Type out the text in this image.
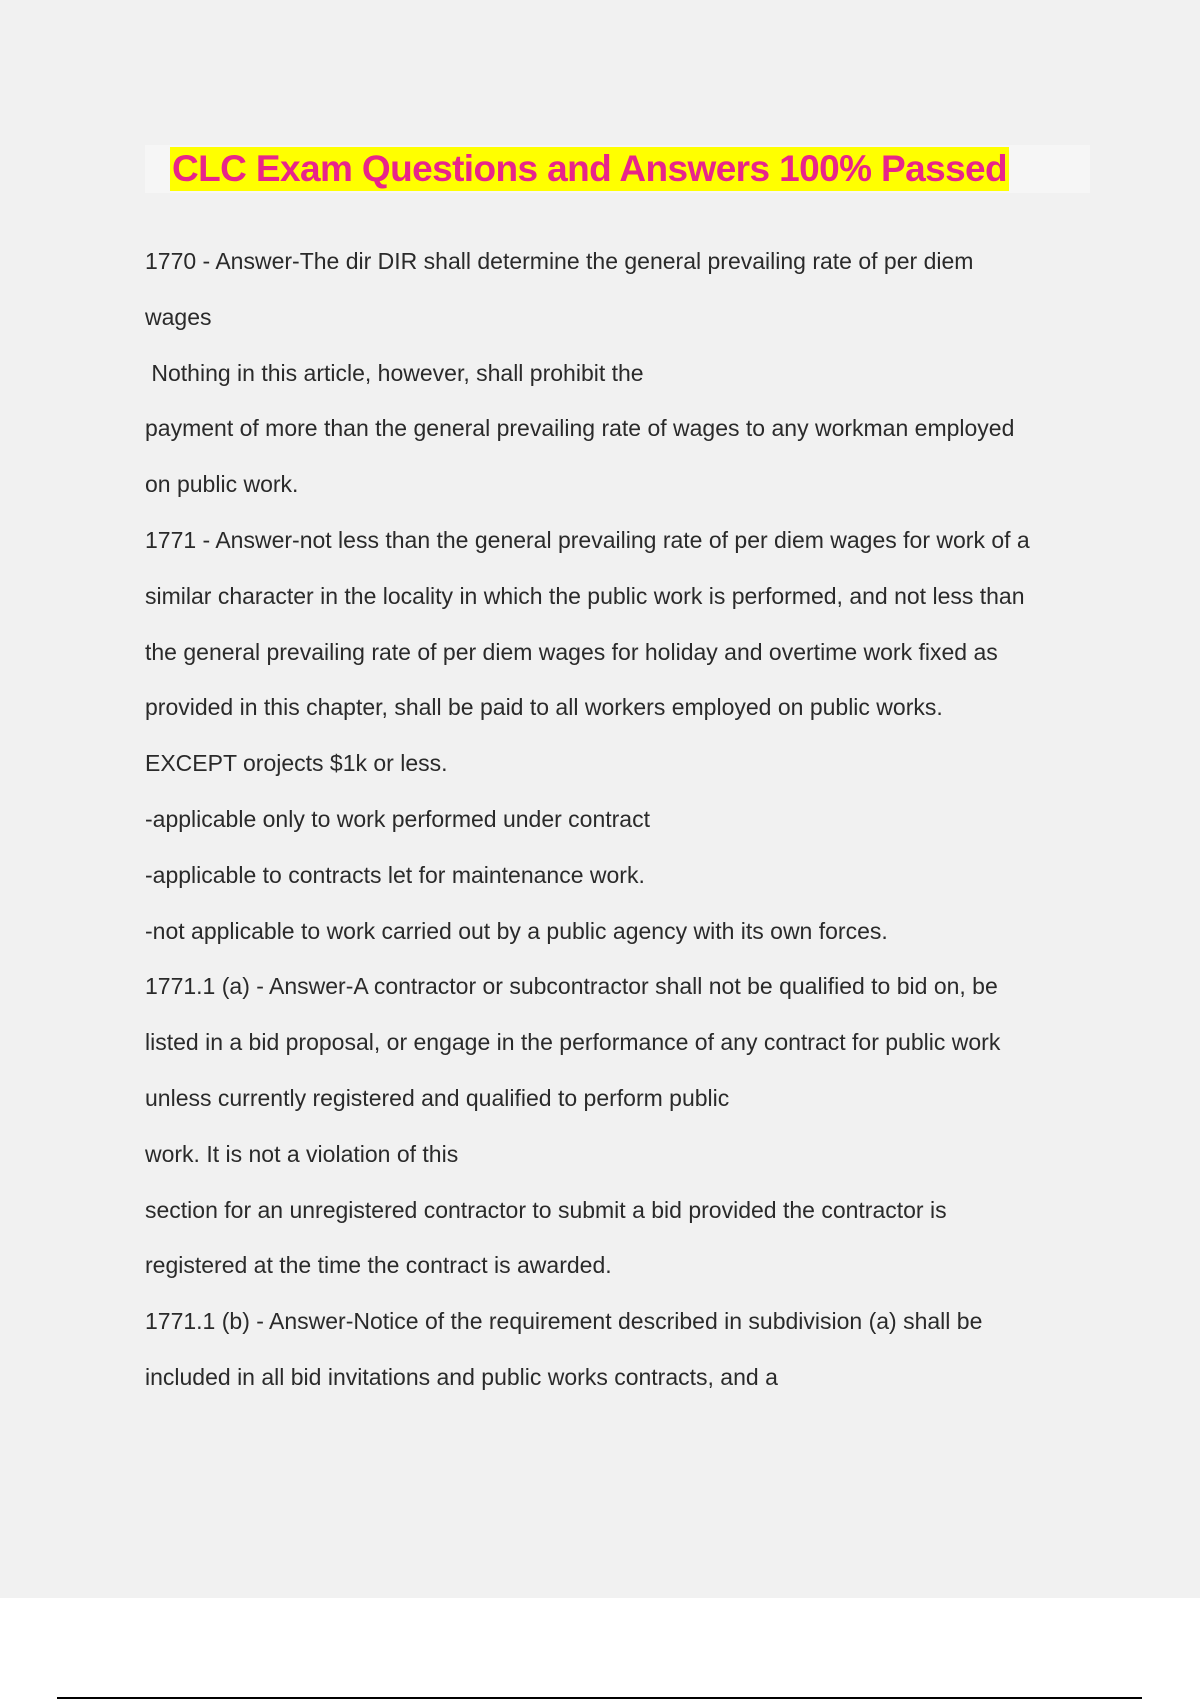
CLC Exam Questions and Answers 100% Passed
1770 - Answer-The dir DIR shall determine the general prevailing rate of per diem
wages
Nothing in this article, however, shall prohibit the
payment of more than the general prevailing rate of wages to any workman employed
on public work.
1771 - Answer-not less than the general prevailing rate of per diem wages for work of a
similar character in the locality in which the public work is performed, and not less than
the general prevailing rate of per diem wages for holiday and overtime work fixed as
provided in this chapter, shall be paid to all workers employed on public works.
EXCEPT orojects $1k or less.
-applicable only to work performed under contract
-applicable to contracts let for maintenance work.
-not applicable to work carried out by a public agency with its own forces.
1771.1 (a) - Answer-A contractor or subcontractor shall not be qualified to bid on, be
listed in a bid proposal, or engage in the performance of any contract for public work
unless currently registered and qualified to perform public
work. It is not a violation of this
section for an unregistered contractor to submit a bid provided the contractor is
registered at the time the contract is awarded.
1771.1 (b) - Answer-Notice of the requirement described in subdivision (a) shall be
included in all bid invitations and public works contracts, and a
